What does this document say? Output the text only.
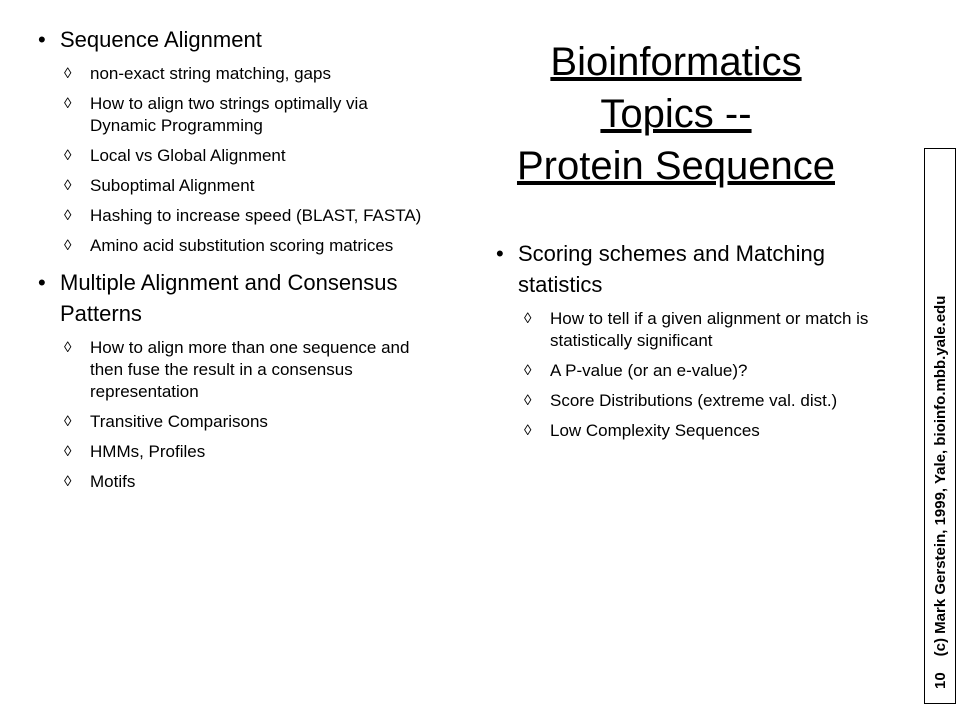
• Sequence Alignment
◊ non-exact string matching, gaps
◊ How to align two strings optimally via Dynamic Programming
◊ Local vs Global Alignment
◊ Suboptimal Alignment
◊ Hashing to increase speed (BLAST, FASTA)
◊ Amino acid substitution scoring matrices
• Multiple Alignment and Consensus Patterns
◊ How to align more than one sequence and then fuse the result in a consensus representation
◊ Transitive Comparisons
◊ HMMs, Profiles
◊ Motifs
Bioinformatics
Topics --
Protein Sequence
• Scoring schemes and Matching statistics
◊ How to tell if a given alignment or match is statistically significant
◊ A P-value (or an e-value)?
◊ Score Distributions (extreme val. dist.)
◊ Low Complexity Sequences
10(c) Mark Gerstein, 1999, Yale, bioinfo.mbb.yale.edu
